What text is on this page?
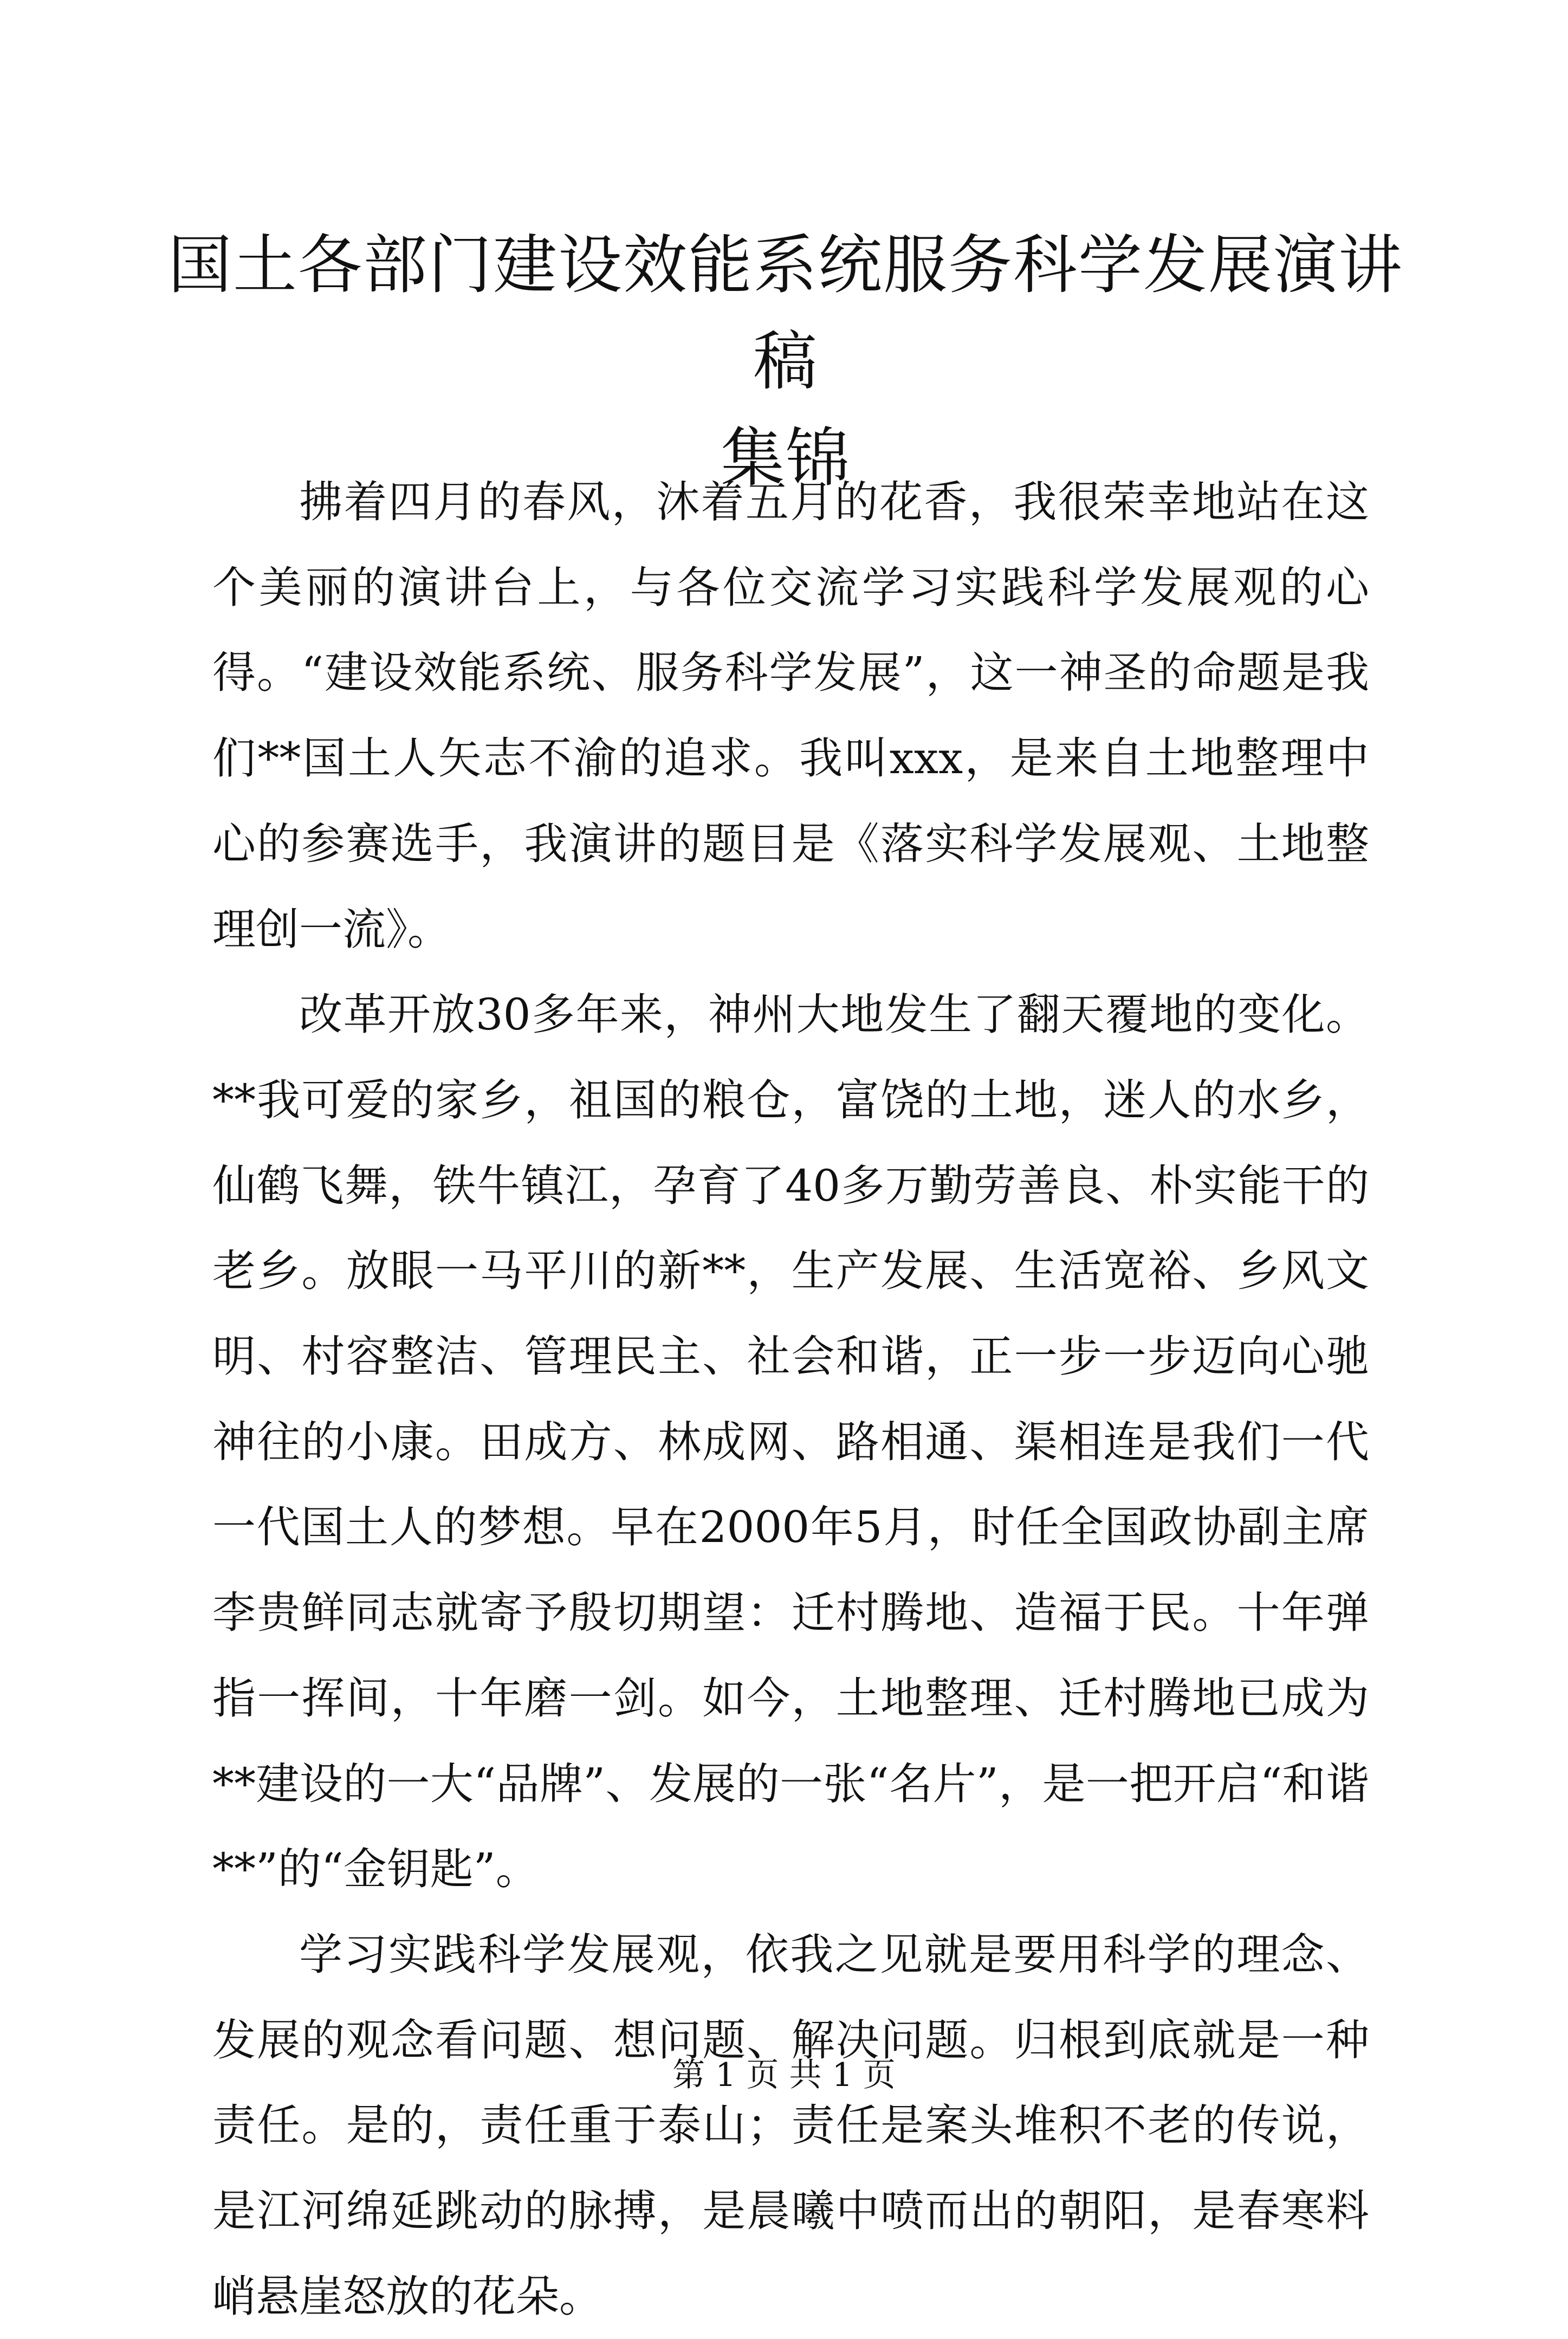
国土各部门建设效能系统服务科学发展演讲稿
集锦

拂着四月的春风，沐着五月的花香，我很荣幸地站在这个美丽的演讲台上，与各位交流学习实践科学发展观的心得。“建设效能系统、服务科学发展”，这一神圣的命题是我们**国土人矢志不渝的追求。我叫xxx，是来自土地整理中心的参赛选手，我演讲的题目是《落实科学发展观、土地整理创一流》。

改革开放30多年来，神州大地发生了翻天覆地的变化。**我可爱的家乡，祖国的粮仓，富饶的土地，迷人的水乡，仙鹤飞舞，铁牛镇江，孕育了40多万勤劳善良、朴实能干的老乡。放眼一马平川的新**，生产发展、生活宽裕、乡风文明、村容整洁、管理民主、社会和谐，正一步一步迈向心驰神往的小康。田成方、林成网、路相通、渠相连是我们一代一代国土人的梦想。早在2000年5月，时任全国政协副主席李贵鲜同志就寄予殷切期望：迁村腾地、造福于民。十年弹指一挥间，十年磨一剑。如今，土地整理、迁村腾地已成为**建设的一大“品牌”、发展的一张“名片”，是一把开启“和谐**”的“金钥匙”。

学习实践科学发展观，依我之见就是要用科学的理念、发展的观念看问题、想问题、解决问题。归根到底就是一种责任。是的，责任重于泰山；责任是案头堆积不老的传说，是江河绵延跳动的脉搏，是晨曦中喷而出的朝阳，是春寒料峭悬崖怒放的花朵。

第 1 页 共 1 页
